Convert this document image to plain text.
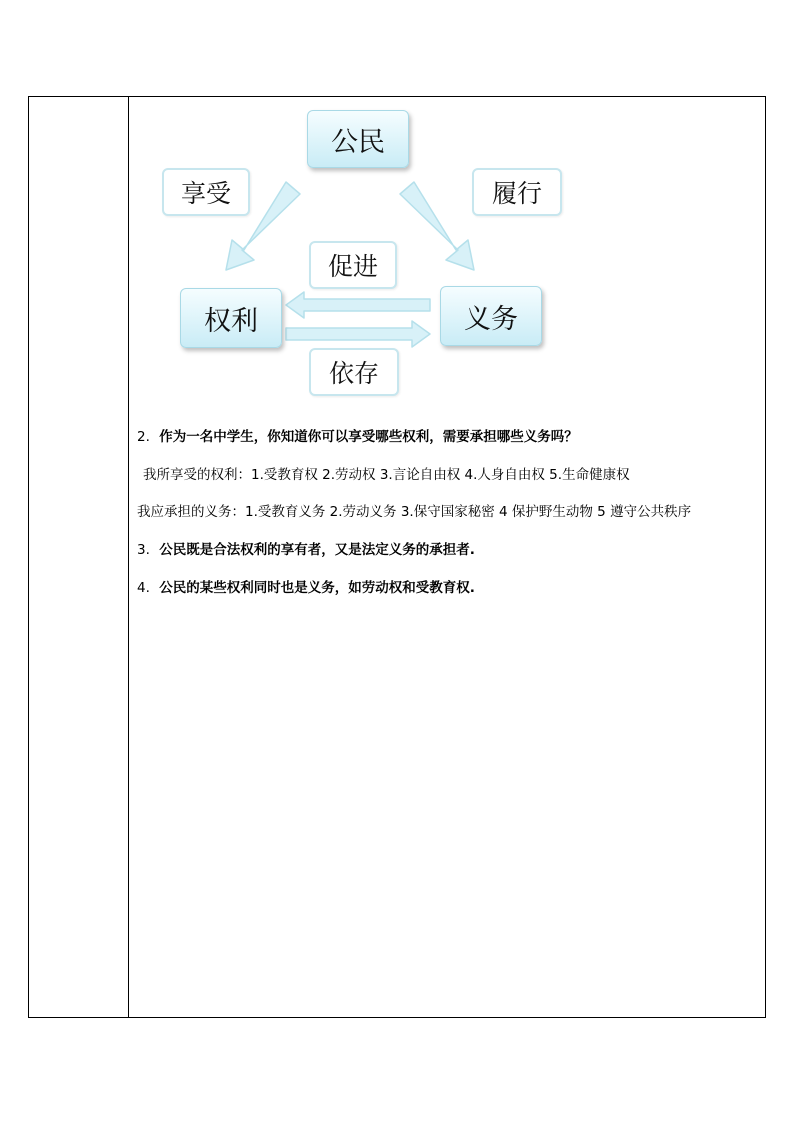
公民
享受	履行
促进
权利	义务
依存
2. 作为一名中学生，你知道你可以享受哪些权利，需要承担哪些义务吗？
我所享受的权利：1.受教育权 2.劳动权 3.言论自由权 4.人身自由权 5.生命健康权
我应承担的义务：1.受教育义务 2.劳动义务 3.保守国家秘密 4 保护野生动物 5 遵守公共秩序
3. 公民既是合法权利的享有者，又是法定义务的承担者.
4. 公民的某些权利同时也是义务，如劳动权和受教育权.
